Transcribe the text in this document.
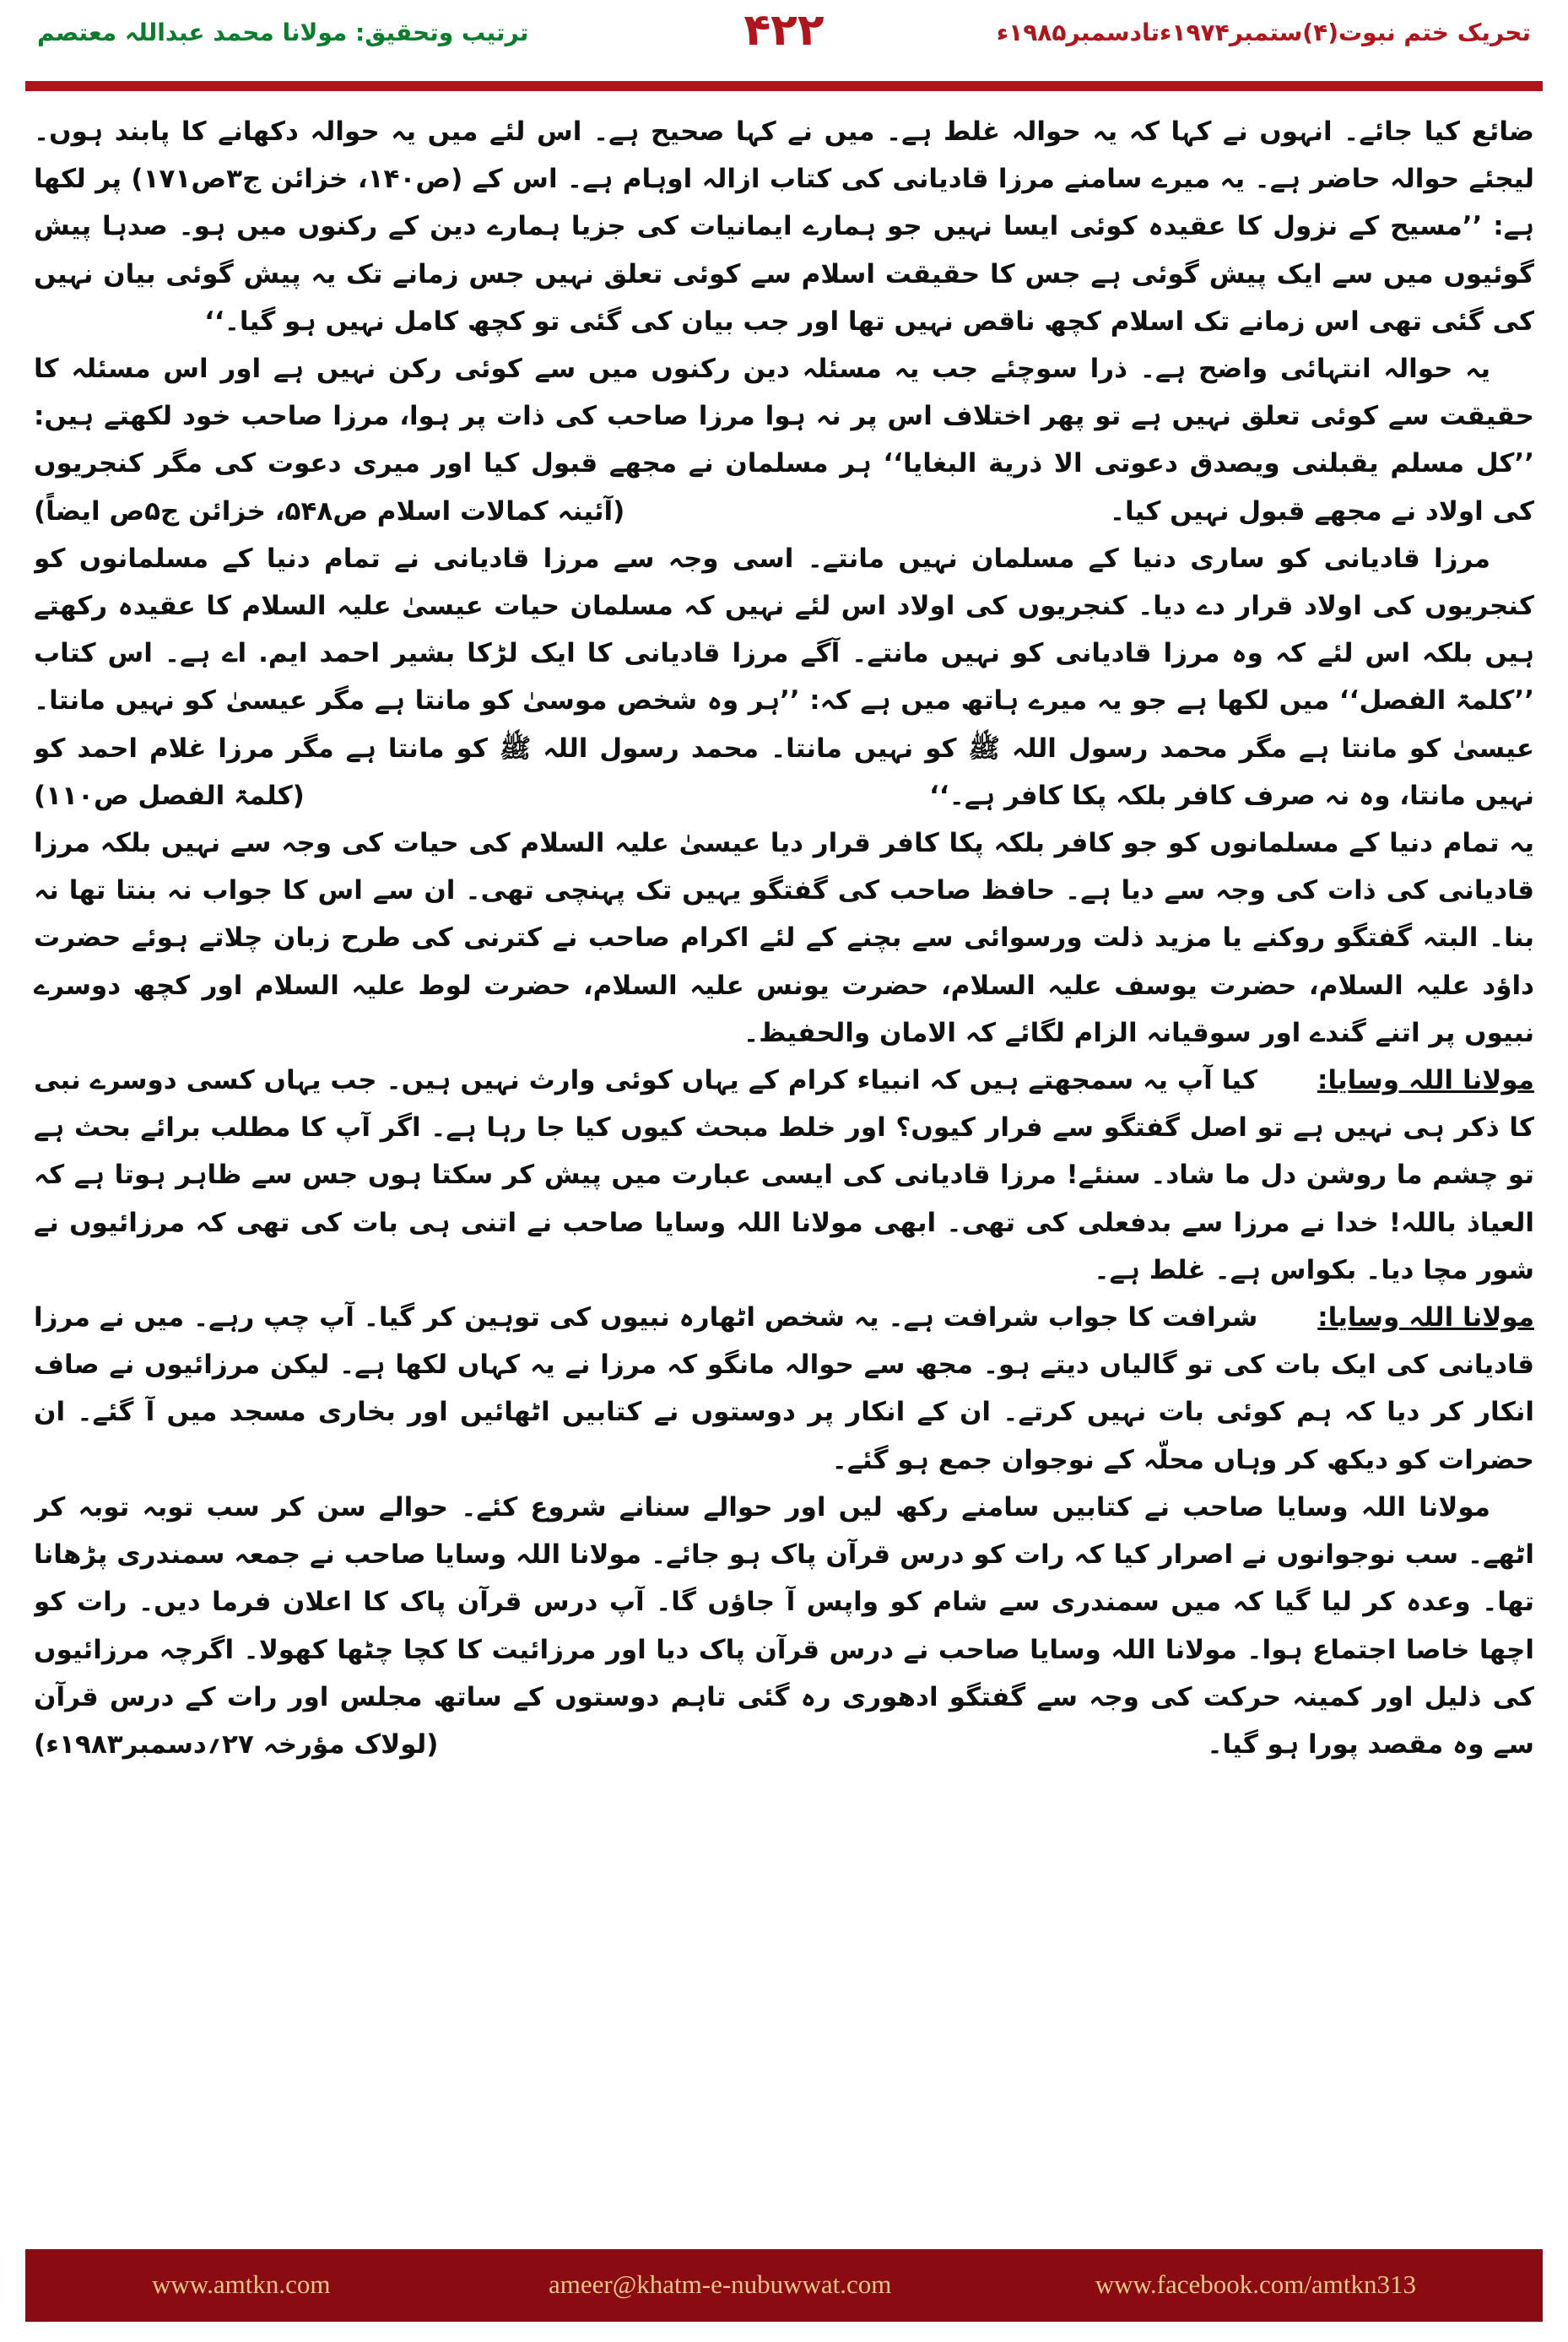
ترتیب وتحقیق: مولانا محمد عبداللہ معتصم	۴۲۲	تحریک ختم نبوت(۴)ستمبر۱۹۷۴ءتادسمبر۱۹۸۵ء

ضائع کیا جائے۔ انہوں نے کہا کہ یہ حوالہ غلط ہے۔ میں نے کہا صحیح ہے۔ اس لئے میں یہ حوالہ دکھانے کا پابند ہوں۔ لیجئے حوالہ حاضر ہے۔ یہ میرے سامنے مرزا قادیانی کی کتاب ازالہ اوہام ہے۔ اس کے (ص۱۴۰، خزائن ج۳ص۱۷۱) پر لکھا ہے: ’’مسیح کے نزول کا عقیدہ کوئی ایسا نہیں جو ہمارے ایمانیات کی جزیا ہمارے دین کے رکنوں میں ہو۔ صدہا پیش گوئیوں میں سے ایک پیش گوئی ہے جس کا حقیقت اسلام سے کوئی تعلق نہیں جس زمانے تک یہ پیش گوئی بیان نہیں کی گئی تھی اس زمانے تک اسلام کچھ ناقص نہیں تھا اور جب بیان کی گئی تو کچھ کامل نہیں ہو گیا۔‘‘

یہ حوالہ انتہائی واضح ہے۔ ذرا سوچئے جب یہ مسئلہ دین رکنوں میں سے کوئی رکن نہیں ہے اور اس مسئلہ کا حقیقت سے کوئی تعلق نہیں ہے تو پھر اختلاف اس پر نہ ہوا مرزا صاحب کی ذات پر ہوا، مرزا صاحب خود لکھتے ہیں: ’’کل مسلم یقبلنی ویصدق دعوتی الا ذریة البغایا‘‘ ہر مسلمان نے مجھے قبول کیا اور میری دعوت کی مگر کنجریوں کی اولاد نے مجھے قبول نہیں کیا۔
(آئینہ کمالات اسلام ص۵۴۸، خزائن ج۵ص ایضاً)

مرزا قادیانی کو ساری دنیا کے مسلمان نہیں مانتے۔ اسی وجہ سے مرزا قادیانی نے تمام دنیا کے مسلمانوں کو کنجریوں کی اولاد قرار دے دیا۔ کنجریوں کی اولاد اس لئے نہیں کہ مسلمان حیات عیسیٰ علیہ السلام کا عقیدہ رکھتے ہیں بلکہ اس لئے کہ وہ مرزا قادیانی کو نہیں مانتے۔ آگے مرزا قادیانی کا ایک لڑکا بشیر احمد ایم. اے ہے۔ اس کتاب ’’کلمۃ الفصل‘‘ میں لکھا ہے جو یہ میرے ہاتھ میں ہے کہ: ’’ہر وہ شخص موسیٰ کو مانتا ہے مگر عیسیٰ کو نہیں مانتا۔ عیسیٰ کو مانتا ہے مگر محمد رسول اللہ ﷺ کو نہیں مانتا۔ محمد رسول اللہ ﷺ کو مانتا ہے مگر مرزا غلام احمد کو نہیں مانتا، وہ نہ صرف کافر بلکہ پکا کافر ہے۔‘‘
(کلمۃ الفصل ص۱۱۰)

یہ تمام دنیا کے مسلمانوں کو جو کافر بلکہ پکا کافر قرار دیا عیسیٰ علیہ السلام کی حیات کی وجہ سے نہیں بلکہ مرزا قادیانی کی ذات کی وجہ سے دیا ہے۔ حافظ صاحب کی گفتگو یہیں تک پہنچی تھی۔ ان سے اس کا جواب نہ بنتا تھا نہ بنا۔ البتہ گفتگو روکنے یا مزید ذلت ورسوائی سے بچنے کے لئے اکرام صاحب نے کترنی کی طرح زبان چلاتے ہوئے حضرت داؤد علیہ السلام، حضرت یوسف علیہ السلام، حضرت یونس علیہ السلام، حضرت لوط علیہ السلام اور کچھ دوسرے نبیوں پر اتنے گندے اور سوقیانہ الزام لگائے کہ الامان والحفیظ۔

مولانا اللہ وسایا: کیا آپ یہ سمجھتے ہیں کہ انبیاء کرام کے یہاں کوئی وارث نہیں ہیں۔ جب یہاں کسی دوسرے نبی کا ذکر ہی نہیں ہے تو اصل گفتگو سے فرار کیوں؟ اور خلط مبحث کیوں کیا جا رہا ہے۔ اگر آپ کا مطلب برائے بحث ہے تو چشم ما روشن دل ما شاد۔ سنئے! مرزا قادیانی کی ایسی عبارت میں پیش کر سکتا ہوں جس سے ظاہر ہوتا ہے کہ العیاذ باللہ! خدا نے مرزا سے بدفعلی کی تھی۔ ابھی مولانا اللہ وسایا صاحب نے اتنی ہی بات کی تھی کہ مرزائیوں نے شور مچا دیا۔ بکواس ہے۔ غلط ہے۔

مولانا اللہ وسایا: شرافت کا جواب شرافت ہے۔ یہ شخص اٹھارہ نبیوں کی توہین کر گیا۔ آپ چپ رہے۔ میں نے مرزا قادیانی کی ایک بات کی تو گالیاں دیتے ہو۔ مجھ سے حوالہ مانگو کہ مرزا نے یہ کہاں لکھا ہے۔ لیکن مرزائیوں نے صاف انکار کر دیا کہ ہم کوئی بات نہیں کرتے۔ ان کے انکار پر دوستوں نے کتابیں اٹھائیں اور بخاری مسجد میں آ گئے۔ ان حضرات کو دیکھ کر وہاں محلّہ کے نوجوان جمع ہو گئے۔

مولانا اللہ وسایا صاحب نے کتابیں سامنے رکھ لیں اور حوالے سنانے شروع کئے۔ حوالے سن کر سب توبہ توبہ کر اٹھے۔ سب نوجوانوں نے اصرار کیا کہ رات کو درس قرآن پاک ہو جائے۔ مولانا اللہ وسایا صاحب نے جمعہ سمندری پڑھانا تھا۔ وعدہ کر لیا گیا کہ میں سمندری سے شام کو واپس آ جاؤں گا۔ آپ درس قرآن پاک کا اعلان فرما دیں۔ رات کو اچھا خاصا اجتماع ہوا۔ مولانا اللہ وسایا صاحب نے درس قرآن پاک دیا اور مرزائیت کا کچا چٹھا کھولا۔ اگرچہ مرزائیوں کی ذلیل اور کمینہ حرکت کی وجہ سے گفتگو ادھوری رہ گئی تاہم دوستوں کے ساتھ مجلس اور رات کے درس قرآن سے وہ مقصد پورا ہو گیا۔
(لولاک مؤرخہ ۲۷؍دسمبر۱۹۸۳ء)

www.amtkn.com	ameer@khatm-e-nubuwwat.com	www.facebook.com/amtkn313
